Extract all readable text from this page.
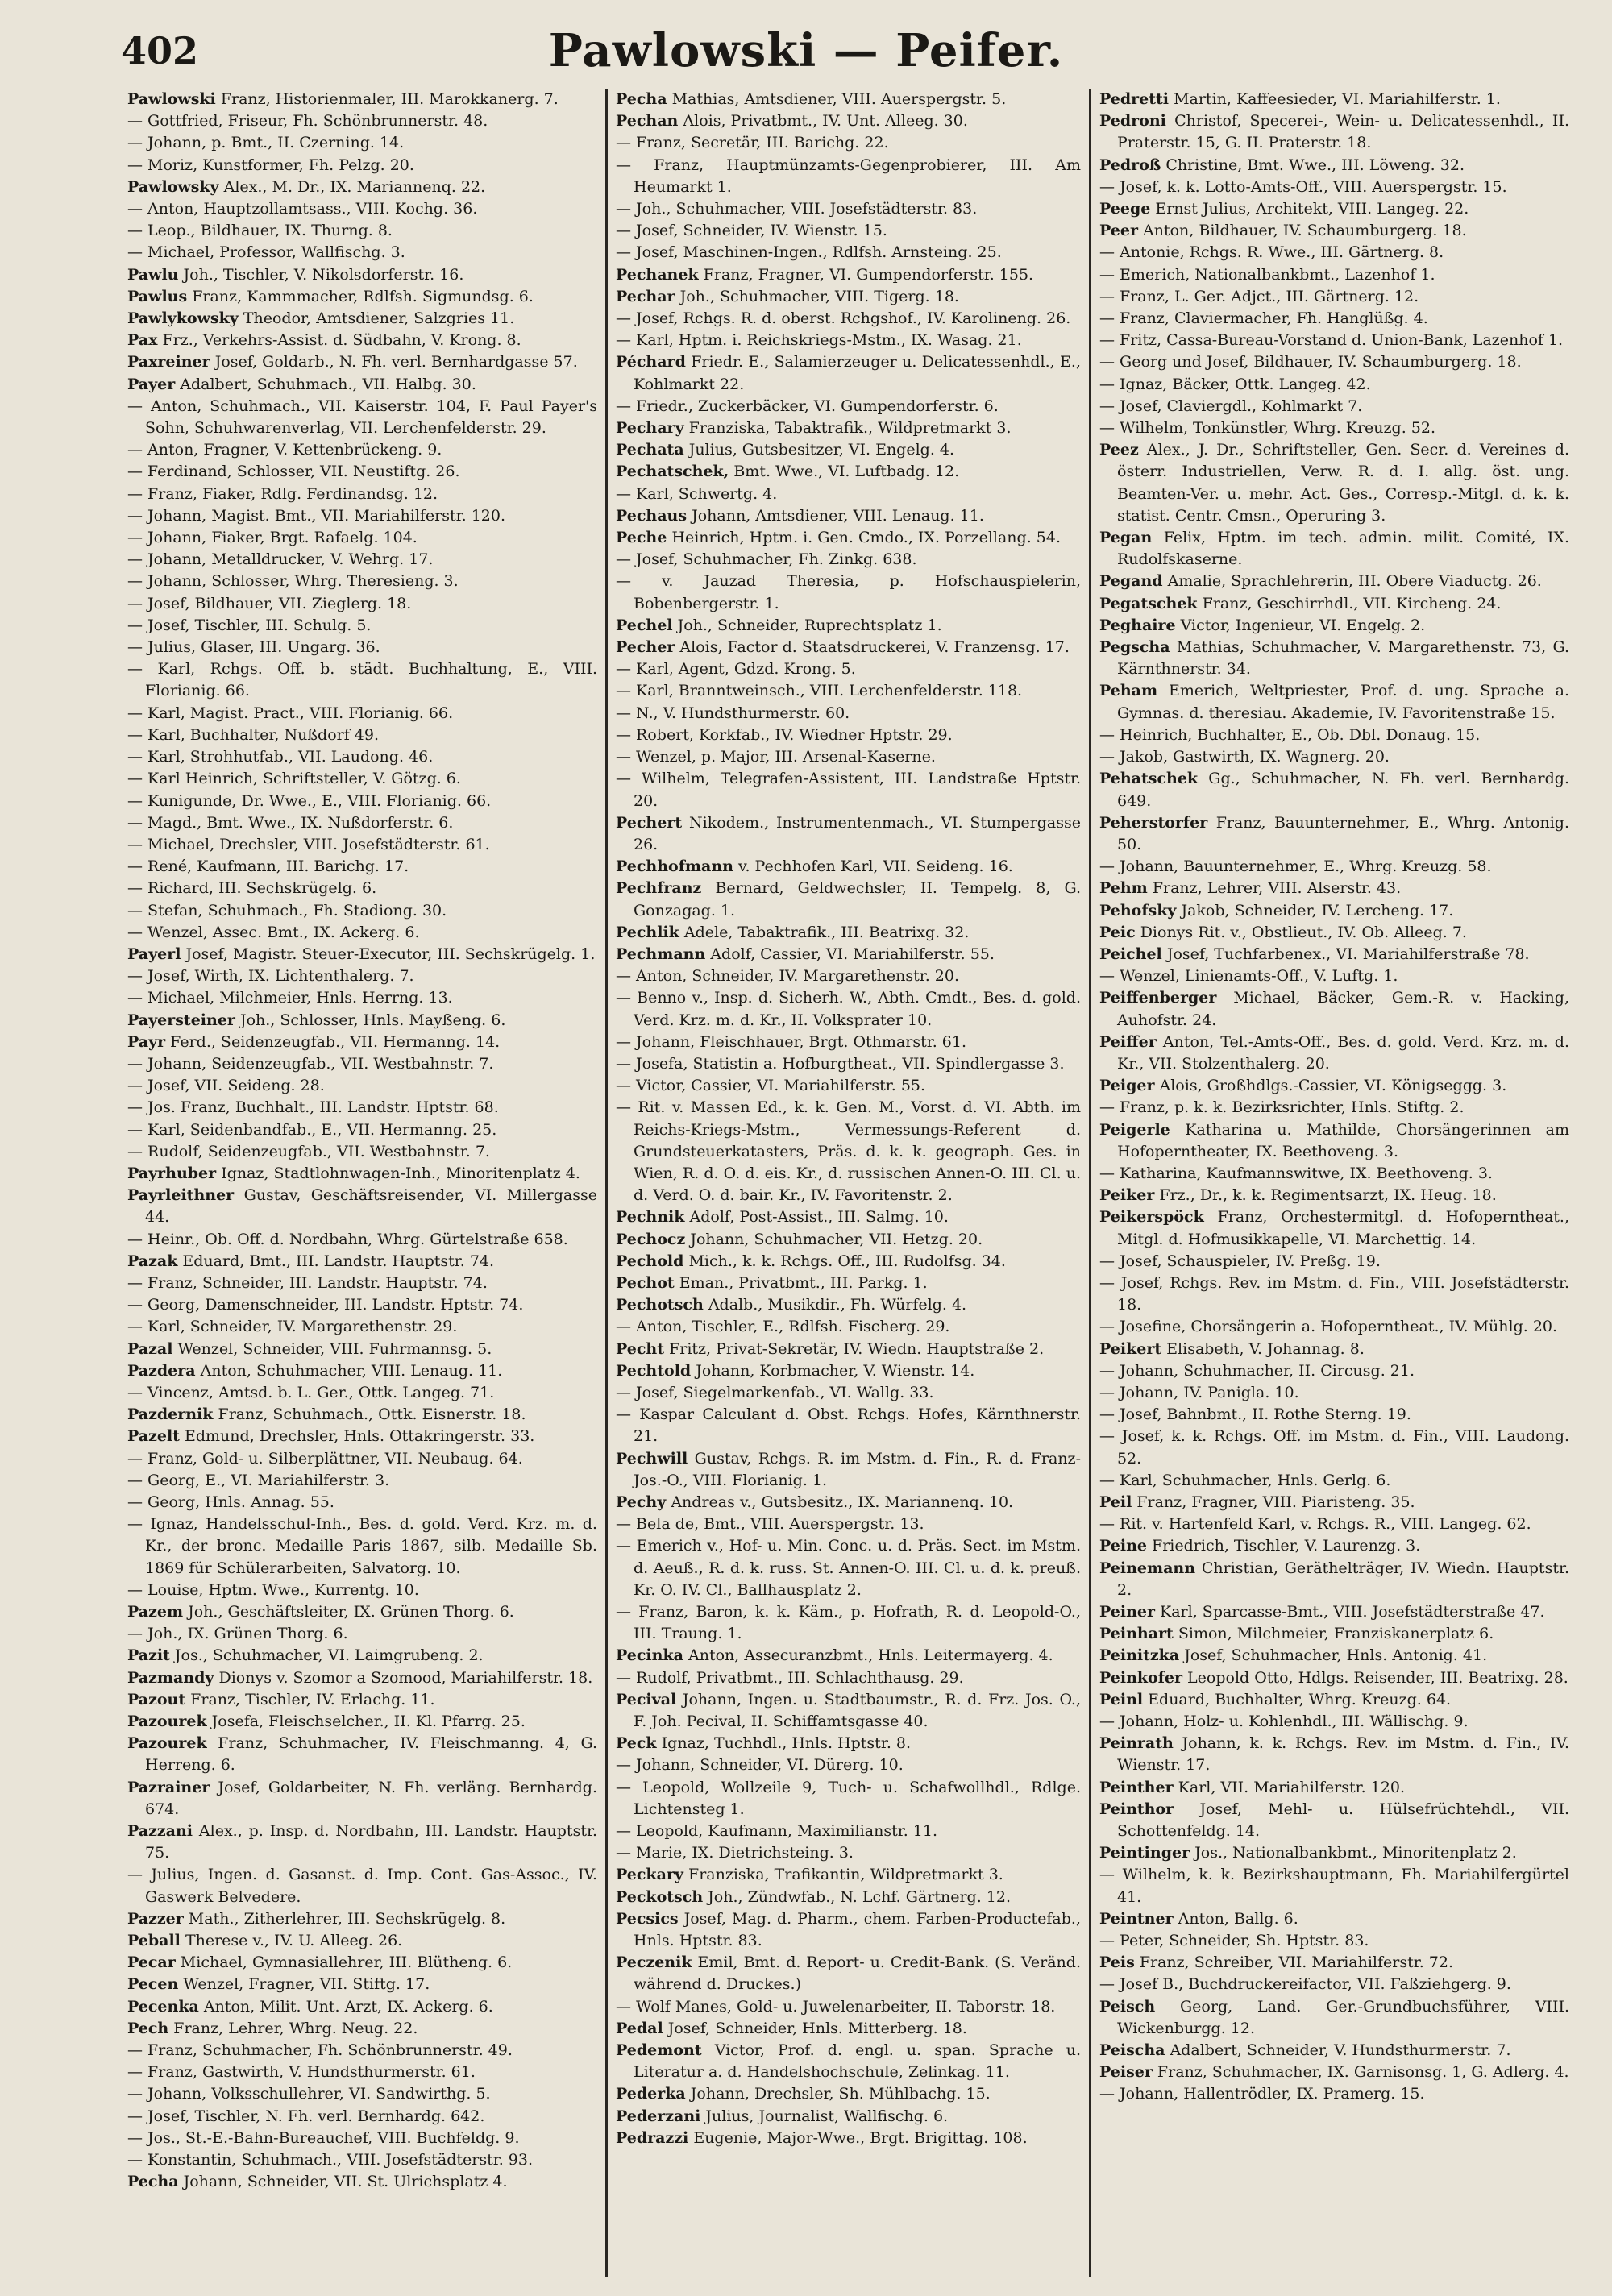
402	Pawlowski — Peifer.
Pawlowski Franz, Historienmaler, III. Marokkanerg. 7.
— Gottfried, Friseur, Fh. Schönbrunnerstr. 48.
— Johann, p. Bmt., II. Czerning. 14.
— Moriz, Kunstformer, Fh. Pelzg. 20.
Pawlowsky Alex., M. Dr., IX. Mariannenq. 22.
— Anton, Hauptzollamtsass., VIII. Kochg. 36.
— Leop., Bildhauer, IX. Thurng. 8.
— Michael, Professor, Wallfischg. 3.
Pawlu Joh., Tischler, V. Nikolsdorferstr. 16.
Pawlus Franz, Kammmacher, Rdlfsh. Sigmundsg. 6.
Pawlykowsky Theodor, Amtsdiener, Salzgries 11.
Pax Frz., Verkehrs-Assist. d. Südbahn, V. Krong. 8.
Paxreiner Josef, Goldarb., N. Fh. verl. Bernhardgasse 57.
Payer Adalbert, Schuhmach., VII. Halbg. 30.
— Anton, Schuhmach., VII. Kaiserstr. 104, F. Paul Payer's Sohn, Schuhwarenverlag, VII. Lerchenfelderstr. 29.
— Anton, Fragner, V. Kettenbrückeng. 9.
— Ferdinand, Schlosser, VII. Neustiftg. 26.
— Franz, Fiaker, Rdlg. Ferdinandsg. 12.
— Johann, Magist. Bmt., VII. Mariahilferstr. 120.
— Johann, Fiaker, Brgt. Rafaelg. 104.
— Johann, Metalldrucker, V. Wehrg. 17.
— Johann, Schlosser, Whrg. Theresieng. 3.
— Josef, Bildhauer, VII. Zieglerg. 18.
— Josef, Tischler, III. Schulg. 5.
— Julius, Glaser, III. Ungarg. 36.
— Karl, Rchgs. Off. b. städt. Buchhaltung, E., VIII. Florianig. 66.
— Karl, Magist. Pract., VIII. Florianig. 66.
— Karl, Buchhalter, Nußdorf 49.
— Karl, Strohhutfab., VII. Laudong. 46.
— Karl Heinrich, Schriftsteller, V. Götzg. 6.
— Kunigunde, Dr. Wwe., E., VIII. Florianig. 66.
— Magd., Bmt. Wwe., IX. Nußdorferstr. 6.
— Michael, Drechsler, VIII. Josefstädterstr. 61.
— René, Kaufmann, III. Barichg. 17.
— Richard, III. Sechskrügelg. 6.
— Stefan, Schuhmach., Fh. Stadiong. 30.
— Wenzel, Assec. Bmt., IX. Ackerg. 6.
Payerl Josef, Magistr. Steuer-Executor, III. Sechskrügelg. 1.
— Josef, Wirth, IX. Lichtenthalerg. 7.
— Michael, Milchmeier, Hnls. Herrng. 13.
Payersteiner Joh., Schlosser, Hnls. Mayßeng. 6.
Payr Ferd., Seidenzeugfab., VII. Hermanng. 14.
— Johann, Seidenzeugfab., VII. Westbahnstr. 7.
— Josef, VII. Seideng. 28.
— Jos. Franz, Buchhalt., III. Landstr. Hptstr. 68.
— Karl, Seidenbandfab., E., VII. Hermanng. 25.
— Rudolf, Seidenzeugfab., VII. Westbahnstr. 7.
Payrhuber Ignaz, Stadtlohnwagen-Inh., Minoritenplatz 4.
Payrleithner Gustav, Geschäftsreisender, VI. Millergasse 44.
— Heinr., Ob. Off. d. Nordbahn, Whrg. Gürtelstraße 658.
Pazak Eduard, Bmt., III. Landstr. Hauptstr. 74.
— Franz, Schneider, III. Landstr. Hauptstr. 74.
— Georg, Damenschneider, III. Landstr. Hptstr. 74.
— Karl, Schneider, IV. Margarethenstr. 29.
Pazal Wenzel, Schneider, VIII. Fuhrmannsg. 5.
Pazdera Anton, Schuhmacher, VIII. Lenaug. 11.
— Vincenz, Amtsd. b. L. Ger., Ottk. Langeg. 71.
Pazdernik Franz, Schuhmach., Ottk. Eisnerstr. 18.
Pazelt Edmund, Drechsler, Hnls. Ottakringerstr. 33.
— Franz, Gold- u. Silberplättner, VII. Neubaug. 64.
— Georg, E., VI. Mariahilferstr. 3.
— Georg, Hnls. Annag. 55.
— Ignaz, Handelsschul-Inh., Bes. d. gold. Verd. Krz. m. d. Kr., der bronc. Medaille Paris 1867, silb. Medaille Sb. 1869 für Schülerarbeiten, Salvatorg. 10.
— Louise, Hptm. Wwe., Kurrentg. 10.
Pazem Joh., Geschäftsleiter, IX. Grünen Thorg. 6.
— Joh., IX. Grünen Thorg. 6.
Pazit Jos., Schuhmacher, VI. Laimgrubeng. 2.
Pazmandy Dionys v. Szomor a Szomood, Mariahilferstr. 18.
Pazout Franz, Tischler, IV. Erlachg. 11.
Pazourek Josefa, Fleischselcher., II. Kl. Pfarrg. 25.
Pazourek Franz, Schuhmacher, IV. Fleischmanng. 4, G. Herreng. 6.
Pazrainer Josef, Goldarbeiter, N. Fh. verläng. Bernhardg. 674.
Pazzani Alex., p. Insp. d. Nordbahn, III. Landstr. Hauptstr. 75.
— Julius, Ingen. d. Gasanst. d. Imp. Cont. Gas-Assoc., IV. Gaswerk Belvedere.
Pazzer Math., Zitherlehrer, III. Sechskrügelg. 8.
Peball Therese v., IV. U. Alleeg. 26.
Pecar Michael, Gymnasiallehrer, III. Blütheng. 6.
Pecen Wenzel, Fragner, VII. Stiftg. 17.
Pecenka Anton, Milit. Unt. Arzt, IX. Ackerg. 6.
Pech Franz, Lehrer, Whrg. Neug. 22.
— Franz, Schuhmacher, Fh. Schönbrunnerstr. 49.
— Franz, Gastwirth, V. Hundsthurmerstr. 61.
— Johann, Volksschullehrer, VI. Sandwirthg. 5.
— Josef, Tischler, N. Fh. verl. Bernhardg. 642.
— Jos., St.-E.-Bahn-Bureauchef, VIII. Buchfeldg. 9.
— Konstantin, Schuhmach., VIII. Josefstädterstr. 93.
Pecha Johann, Schneider, VII. St. Ulrichsplatz 4.
Pecha Mathias, Amtsdiener, VIII. Auerspergstr. 5.
Pechan Alois, Privatbmt., IV. Unt. Alleeg. 30.
— Franz, Secretär, III. Barichg. 22.
— Franz, Hauptmünzamts-Gegenprobierer, III. Am Heumarkt 1.
— Joh., Schuhmacher, VIII. Josefstädterstr. 83.
— Josef, Schneider, IV. Wienstr. 15.
— Josef, Maschinen-Ingen., Rdlfsh. Arnsteing. 25.
Pechanek Franz, Fragner, VI. Gumpendorferstr. 155.
Pechar Joh., Schuhmacher, VIII. Tigerg. 18.
— Josef, Rchgs. R. d. oberst. Rchgshof., IV. Karolineng. 26.
— Karl, Hptm. i. Reichskriegs-Mstm., IX. Wasag. 21.
Péchard Friedr. E., Salamierzeuger u. Delicatessenhdl., E., Kohlmarkt 22.
— Friedr., Zuckerbäcker, VI. Gumpendorferstr. 6.
Pechary Franziska, Tabaktrafik., Wildpretmarkt 3.
Pechata Julius, Gutsbesitzer, VI. Engelg. 4.
Pechatschek, Bmt. Wwe., VI. Luftbadg. 12.
— Karl, Schwertg. 4.
Pechaus Johann, Amtsdiener, VIII. Lenaug. 11.
Peche Heinrich, Hptm. i. Gen. Cmdo., IX. Porzellang. 54.
— Josef, Schuhmacher, Fh. Zinkg. 638.
— v. Jauzad Theresia, p. Hofschauspielerin, Bobenbergerstr. 1.
Pechel Joh., Schneider, Ruprechtsplatz 1.
Pecher Alois, Factor d. Staatsdruckerei, V. Franzensg. 17.
— Karl, Agent, Gdzd. Krong. 5.
— Karl, Branntweinsch., VIII. Lerchenfelderstr. 118.
— N., V. Hundsthurmerstr. 60.
— Robert, Korkfab., IV. Wiedner Hptstr. 29.
— Wenzel, p. Major, III. Arsenal-Kaserne.
— Wilhelm, Telegrafen-Assistent, III. Landstraße Hptstr. 20.
Pechert Nikodem., Instrumentenmach., VI. Stumpergasse 26.
Pechhofmann v. Pechhofen Karl, VII. Seideng. 16.
Pechfranz Bernard, Geldwechsler, II. Tempelg. 8, G. Gonzagag. 1.
Pechlik Adele, Tabaktrafik., III. Beatrixg. 32.
Pechmann Adolf, Cassier, VI. Mariahilferstr. 55.
— Anton, Schneider, IV. Margarethenstr. 20.
— Benno v., Insp. d. Sicherh. W., Abth. Cmdt., Bes. d. gold. Verd. Krz. m. d. Kr., II. Volksprater 10.
— Johann, Fleischhauer, Brgt. Othmarstr. 61.
— Josefa, Statistin a. Hofburgtheat., VII. Spindlergasse 3.
— Victor, Cassier, VI. Mariahilferstr. 55.
— Rit. v. Massen Ed., k. k. Gen. M., Vorst. d. VI. Abth. im Reichs-Kriegs-Mstm., Vermessungs-Referent d. Grundsteuerkatasters, Präs. d. k. k. geograph. Ges. in Wien, R. d. O. d. eis. Kr., d. russischen Annen-O. III. Cl. u. d. Verd. O. d. bair. Kr., IV. Favoritenstr. 2.
Pechnik Adolf, Post-Assist., III. Salmg. 10.
Pechocz Johann, Schuhmacher, VII. Hetzg. 20.
Pechold Mich., k. k. Rchgs. Off., III. Rudolfsg. 34.
Pechot Eman., Privatbmt., III. Parkg. 1.
Pechotsch Adalb., Musikdir., Fh. Würfelg. 4.
— Anton, Tischler, E., Rdlfsh. Fischerg. 29.
Pecht Fritz, Privat-Sekretär, IV. Wiedn. Hauptstraße 2.
Pechtold Johann, Korbmacher, V. Wienstr. 14.
— Josef, Siegelmarkenfab., VI. Wallg. 33.
— Kaspar Calculant d. Obst. Rchgs. Hofes, Kärnthnerstr. 21.
Pechwill Gustav, Rchgs. R. im Mstm. d. Fin., R. d. Franz-Jos.-O., VIII. Florianig. 1.
Pechy Andreas v., Gutsbesitz., IX. Mariannenq. 10.
— Bela de, Bmt., VIII. Auerspergstr. 13.
— Emerich v., Hof- u. Min. Conc. u. d. Präs. Sect. im Mstm. d. Aeuß., R. d. k. russ. St. Annen-O. III. Cl. u. d. k. preuß. Kr. O. IV. Cl., Ballhausplatz 2.
— Franz, Baron, k. k. Käm., p. Hofrath, R. d. Leopold-O., III. Traung. 1.
Pecinka Anton, Assecuranzbmt., Hnls. Leitermayerg. 4.
— Rudolf, Privatbmt., III. Schlachthausg. 29.
Pecival Johann, Ingen. u. Stadtbaumstr., R. d. Frz. Jos. O., F. Joh. Pecival, II. Schiffamtsgasse 40.
Peck Ignaz, Tuchhdl., Hnls. Hptstr. 8.
— Johann, Schneider, VI. Dürerg. 10.
— Leopold, Wollzeile 9, Tuch- u. Schafwollhdl., Rdlge. Lichtensteg 1.
— Leopold, Kaufmann, Maximilianstr. 11.
— Marie, IX. Dietrichsteing. 3.
Peckary Franziska, Trafikantin, Wildpretmarkt 3.
Peckotsch Joh., Zündwfab., N. Lchf. Gärtnerg. 12.
Pecsics Josef, Mag. d. Pharm., chem. Farben-Productefab., Hnls. Hptstr. 83.
Peczenik Emil, Bmt. d. Report- u. Credit-Bank. (S. Veränd. während d. Druckes.)
— Wolf Manes, Gold- u. Juwelenarbeiter, II. Taborstr. 18.
Pedal Josef, Schneider, Hnls. Mitterberg. 18.
Pedemont Victor, Prof. d. engl. u. span. Sprache u. Literatur a. d. Handelshochschule, Zelinkag. 11.
Pederka Johann, Drechsler, Sh. Mühlbachg. 15.
Pederzani Julius, Journalist, Wallfischg. 6.
Pedrazzi Eugenie, Major-Wwe., Brgt. Brigittag. 108.
Pedretti Martin, Kaffeesieder, VI. Mariahilferstr. 1.
Pedroni Christof, Specerei-, Wein- u. Delicatessenhdl., II. Praterstr. 15, G. II. Praterstr. 18.
Pedroß Christine, Bmt. Wwe., III. Löweng. 32.
— Josef, k. k. Lotto-Amts-Off., VIII. Auerspergstr. 15.
Peege Ernst Julius, Architekt, VIII. Langeg. 22.
Peer Anton, Bildhauer, IV. Schaumburgerg. 18.
— Antonie, Rchgs. R. Wwe., III. Gärtnerg. 8.
— Emerich, Nationalbankbmt., Lazenhof 1.
— Franz, L. Ger. Adjct., III. Gärtnerg. 12.
— Franz, Claviermacher, Fh. Hanglüßg. 4.
— Fritz, Cassa-Bureau-Vorstand d. Union-Bank, Lazenhof 1.
— Georg und Josef, Bildhauer, IV. Schaumburgerg. 18.
— Ignaz, Bäcker, Ottk. Langeg. 42.
— Josef, Claviergdl., Kohlmarkt 7.
— Wilhelm, Tonkünstler, Whrg. Kreuzg. 52.
Peez Alex., J. Dr., Schriftsteller, Gen. Secr. d. Vereines d. österr. Industriellen, Verw. R. d. I. allg. öst. ung. Beamten-Ver. u. mehr. Act. Ges., Corresp.-Mitgl. d. k. k. statist. Centr. Cmsn., Operuring 3.
Pegan Felix, Hptm. im tech. admin. milit. Comité, IX. Rudolfskaserne.
Pegand Amalie, Sprachlehrerin, III. Obere Viaductg. 26.
Pegatschek Franz, Geschirrhdl., VII. Kircheng. 24.
Peghaire Victor, Ingenieur, VI. Engelg. 2.
Pegscha Mathias, Schuhmacher, V. Margarethenstr. 73, G. Kärnthnerstr. 34.
Peham Emerich, Weltpriester, Prof. d. ung. Sprache a. Gymnas. d. theresiau. Akademie, IV. Favoritenstraße 15.
— Heinrich, Buchhalter, E., Ob. Dbl. Donaug. 15.
— Jakob, Gastwirth, IX. Wagnerg. 20.
Pehatschek Gg., Schuhmacher, N. Fh. verl. Bernhardg. 649.
Peherstorfer Franz, Bauunternehmer, E., Whrg. Antonig. 50.
— Johann, Bauunternehmer, E., Whrg. Kreuzg. 58.
Pehm Franz, Lehrer, VIII. Alserstr. 43.
Pehofsky Jakob, Schneider, IV. Lercheng. 17.
Peic Dionys Rit. v., Obstlieut., IV. Ob. Alleeg. 7.
Peichel Josef, Tuchfarbenex., VI. Mariahilferstraße 78.
— Wenzel, Linienamts-Off., V. Luftg. 1.
Peiffenberger Michael, Bäcker, Gem.-R. v. Hacking, Auhofstr. 24.
Peiffer Anton, Tel.-Amts-Off., Bes. d. gold. Verd. Krz. m. d. Kr., VII. Stolzenthalerg. 20.
Peiger Alois, Großhdlgs.-Cassier, VI. Königseggg. 3.
— Franz, p. k. k. Bezirksrichter, Hnls. Stiftg. 2.
Peigerle Katharina u. Mathilde, Chorsängerinnen am Hofoperntheater, IX. Beethoveng. 3.
— Katharina, Kaufmannswitwe, IX. Beethoveng. 3.
Peiker Frz., Dr., k. k. Regimentsarzt, IX. Heug. 18.
Peikerspöck Franz, Orchestermitgl. d. Hofoperntheat., Mitgl. d. Hofmusikkapelle, VI. Marchettig. 14.
— Josef, Schauspieler, IV. Preßg. 19.
— Josef, Rchgs. Rev. im Mstm. d. Fin., VIII. Josefstädterstr. 18.
— Josefine, Chorsängerin a. Hofoperntheat., IV. Mühlg. 20.
Peikert Elisabeth, V. Johannag. 8.
— Johann, Schuhmacher, II. Circusg. 21.
— Johann, IV. Panigla. 10.
— Josef, Bahnbmt., II. Rothe Sterng. 19.
— Josef, k. k. Rchgs. Off. im Mstm. d. Fin., VIII. Laudong. 52.
— Karl, Schuhmacher, Hnls. Gerlg. 6.
Peil Franz, Fragner, VIII. Piaristeng. 35.
— Rit. v. Hartenfeld Karl, v. Rchgs. R., VIII. Langeg. 62.
Peine Friedrich, Tischler, V. Laurenzg. 3.
Peinemann Christian, Geräthelträger, IV. Wiedn. Hauptstr. 2.
Peiner Karl, Sparcasse-Bmt., VIII. Josefstädterstraße 47.
Peinhart Simon, Milchmeier, Franziskanerplatz 6.
Peinitzka Josef, Schuhmacher, Hnls. Antonig. 41.
Peinkofer Leopold Otto, Hdlgs. Reisender, III. Beatrixg. 28.
Peinl Eduard, Buchhalter, Whrg. Kreuzg. 64.
— Johann, Holz- u. Kohlenhdl., III. Wällischg. 9.
Peinrath Johann, k. k. Rchgs. Rev. im Mstm. d. Fin., IV. Wienstr. 17.
Peinther Karl, VII. Mariahilferstr. 120.
Peinthor Josef, Mehl- u. Hülsefrüchtehdl., VII. Schottenfeldg. 14.
Peintinger Jos., Nationalbankbmt., Minoritenplatz 2.
— Wilhelm, k. k. Bezirkshauptmann, Fh. Mariahilfergürtel 41.
Peintner Anton, Ballg. 6.
— Peter, Schneider, Sh. Hptstr. 83.
Peis Franz, Schreiber, VII. Mariahilferstr. 72.
— Josef B., Buchdruckereifactor, VII. Faßziehgerg. 9.
Peisch Georg, Land. Ger.-Grundbuchsführer, VIII. Wickenburgg. 12.
Peischa Adalbert, Schneider, V. Hundsthurmerstr. 7.
Peiser Franz, Schuhmacher, IX. Garnisonsg. 1, G. Adlerg. 4.
— Johann, Hallentrödler, IX. Pramerg. 15.
